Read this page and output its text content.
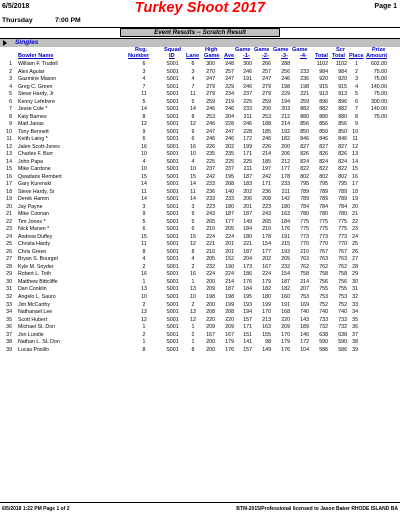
6/5/2018	Turkey Shoot 2017	Page 1
Thursday	7:00 PM
Event Results -- Scratch Result
Singles
Reg.
Number
Squad
ID Lane
High
Game Ave
Game Game Game Game
-1- -2- -3- -4- Total
Scr
Total Place
Prize
Amount
Bowler Name
1 William F. Trudell	6	S001	6	300	248	300	266	288	1102	1102	1	602.00
2 Alex Aguiar	3	S001	3	270	257	246	257	256	233	984	984	2	75.00
3 Gazmine Mason	4	S001	4	247	247	191	247	246	236	920	920	3	75.00
4 Greg C. Green	7	S001	7	279	229	246	279	198	198	915	915	4	140.00
5 Steve Hardy, Jr	11	S001	11	279	234	237	279	229	221	913	913	5	75.00
6 Kenny Lefebvre	5	S001	5	259	219	225	259	194	259	896	896	6	300.00
7 Jesse Cole *	14	S001	14	246	246	233	200	203	882	882	882	7	140.00
8 Katy Barnes	8	S001	8	253	204	211	253	212	880	880	880	8	75.00
9 Matt Janas	12	S001	12	246	228	246	188	214	856	856	856	9
10 Tony Bennett	9	S001	9	247	247	228	185	192	850	850	850 10
11 Keith Laing *	6	S001	6	246	246	172	246	182	846	846	846	11
12 Jalen Scott-Jones	16	S001	16	226	202	199	226	200	827	827	827 12
13 Charles F. Burr	10	S001	10	235	235	171	214	206	826	826	826 13
14 John Papa	4	S001	4	225	225	225	185	212	824	824	824 14
15 Mike Cardone	10	S001	10	237	237	211	197	177	822	822	822 15
16 Qwadaris Rembert	15	S001	15	242	195	187	242	178	802	802	802 16
17 Gary Kurenski	14	S001	14	233	208	183	171	233	795	795	795 17
18 Steve Hardy, Sr	11	S001	11	236	140	202	236	211	789	789	789 18
19 Derek Hamm	14	S001	14	233	233	206	208	142	789	789	789 19
20 Jay Payne	3	S001	3	223	180	201	223	180	784	784	784 20
21 Mike Coonan	9	S001	9	243	187	187	243	163	780	780	780 21
22 Tim Jones *	5	S001	5	265	177	149	265	184	775	775	775 22
23 Nick Manen *	6	S001	6	210	205	184	210	176	775	775	775 23
24 Andrew Duffey	15	S001	15	224	224	180	178	191	773	773	773 24
25 Christa Hardy	11	S001	12	221	201	221	154	215	770	770	770 25
26 Chris Green	8	S001	8	210	201	187	177	193	210	767	767 26
27 Bryan S. Bourget	4	S001	4	205	152	204	202	205	763	763	763 27
28 Kyle M. Snyder	2	S001	2	232	190	173	167	232	762	762	762 28
29 Robert L. Toth	16	S001	16	224	224	186	224	154	758	758	758 29
30 Matthew Bittcliffe	1	S001	1	200	214	176	179	187	214	756	756 30
31 Dan Conklin	13	S001	13	209	187	184	182	182	207	755	755 31
32 Angelo L. Sauro	10	S001	10	198	198	195	180	160	753	753	753 32
33 Jim McCarthy	2	S001	2	200	199	193	199	191	169	752	752 33
34 Nathanael Lee	13	S001	13	208	208	194	170	168	740	740	740 34
35 Scott Hubert	12	S001	12	220	220	157	213	220	143	733	733 35
36 Michael St. Don	1	S001	1	209	209	171	163	209	189	732	732 36
37 Jon Lundie	2	S001	2	167	167	151	155	170	146	638	638 37
38 Nathan L. St. Don	1	S001	1	200	179	141	98	179	172	590	590 38
39 Lucas Posillo	8	S001	8	200	176	157	149	176	104	586	586 39
6/5/2018 1:22 PM Page 1 of 2	BTM-2015/Professional licensed to Jason Baker RHODE ISLAND BA
